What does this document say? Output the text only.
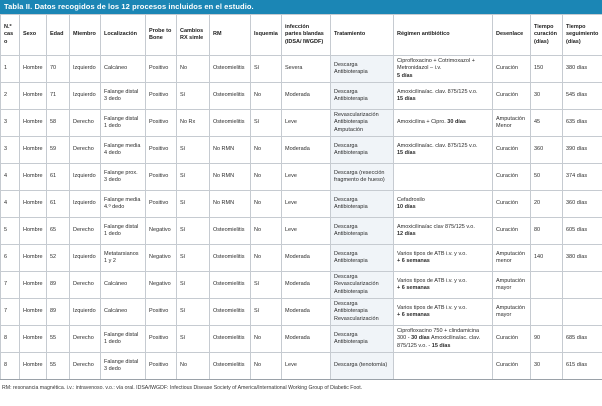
Tabla II. Datos recogidos de los 12 procesos incluidos en el estudio.
N.º caso	Sexo	Edad	Miembro	Localización	Probe to Bone	Cambios RX simle	RM	Isquemia	infección partes blandas (IDSA/ IWGDF)	Tratamiento	Régimen antibiótico	Desenlace	Tiempo curación (días)	Tiempo seguimiento (días)
1	Hombre	70	Izquierdo	Calcáneo	Positivo	No	Osteomielitis	Sí	Severa	Descarga Antibioterapia	Ciprofloxacino + Cotrimoxazol + Metronidazol – i.v.
5 días	Curación	150	380 días
2	Hombre	71	Izquierdo	Falange distal 3 dedo	Positivo	Sí	Osteomielitis	No	Moderada	Descarga Antibioterapia	Amoxicilina/ac. clav. 875/125 v.o.
15 días	Curación	30	545 días
3	Hombre	58	Derecho	Falange distal 1 dedo	Positivo	No Rx	Osteomielitis	Sí	Leve	Revascularización Antibioterapia Amputación	Amoxicilina + Cipro. 30 días	Amputación Menor	45	635 días
3	Hombre	59	Derecho	Falange media 4 dedo	Positivo	Sí	No RMN	No	Moderada	Descarga Antibioterapia	Amoxicilina/ac. clav. 875/125 v.o.
15 días	Curación	360	390 días
4	Hombre	61	Izquierdo	Falange prox. 3 dedo	Positivo	Sí	No RMN	No	Leve	Descarga (resección fragmento de hueso)		Curación	50	374 días
4	Hombre	61	Izquierdo	Falange media 4.º dedo	Positivo	Sí	No RMN	No	Leve	Descarga Antibioterapia	Cefadroxilo
10 días	Curación	20	360 días
5	Hombre	65	Derecho	Falange distal 1 dedo	Negativo	Sí	Osteomielitis	No	Leve	Descarga Antibioterapia	Amoxicilina/ac clav 875/125 v.o.
12 días	Curación	80	605 días
6	Hombre	52	Izquierdo	Metatarsianos 1 y 2	Negativo	Sí	Osteomielitis	No	Moderada	Descarga Antibioterapia	Varios tipos de ATB i.v. y v.o.
+ 6 semanas	Amputación menor	140	380 días
7	Hombre	89	Derecho	Calcáneo	Negativo	Sí	Osteomielitis	Sí	Moderada	Descarga Revascularización Antibioterapia	Varios tipos de ATB i.v. y v.o.
+ 6 semanas	Amputación mayor		
7	Hombre	89	Izquierdo	Calcáneo	Positivo	Sí	Osteomielitis	Sí	Moderada	Descarga Antibioterapia Revascularización	Varios tipos de ATB i.v. y v.o.
+ 6 semanas	Amputación mayor		
8	Hombre	55	Derecho	Falange distal 1 dedo	Positivo	Sí	Osteomielitis	No	Moderada	Descarga Antibioterapia	Ciprofloxacino 750 + clindamicina 300 - 30 días Amoxicilina/ac. clav. 875/125 v.o. - 15 días	Curación	90	685 días
8	Hombre	55	Derecho	Falange distal 3 dedo	Positivo	No	Osteomielitis	No	Leve	Descarga (tenotomía)		Curación	30	615 días
RM: resonancia magnética. i.v.: intravenoso. v.o.: vía oral. IDSA/IWGDF: Infectious Disease Society of America/International Working Group of Diabetic Foot.
